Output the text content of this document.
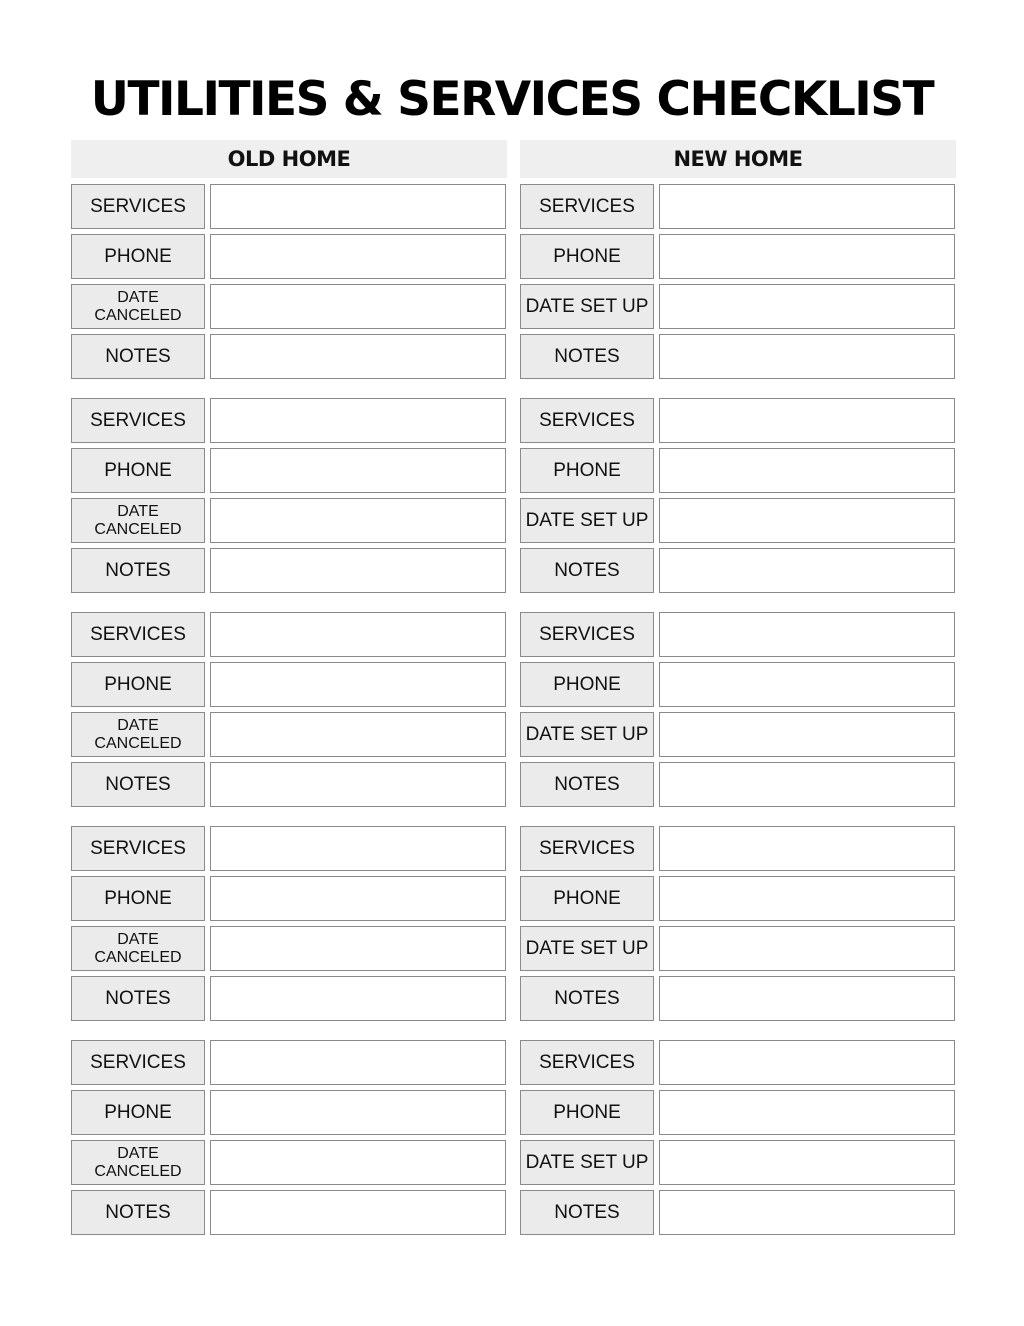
UTILITIES & SERVICES CHECKLIST
OLD HOME
SERVICES
PHONE
DATE CANCELED
NOTES
SERVICES
PHONE
DATE CANCELED
NOTES
SERVICES
PHONE
DATE CANCELED
NOTES
SERVICES
PHONE
DATE CANCELED
NOTES
SERVICES
PHONE
DATE CANCELED
NOTES
NEW HOME
SERVICES
PHONE
DATE SET UP
NOTES
SERVICES
PHONE
DATE SET UP
NOTES
SERVICES
PHONE
DATE SET UP
NOTES
SERVICES
PHONE
DATE SET UP
NOTES
SERVICES
PHONE
DATE SET UP
NOTES
